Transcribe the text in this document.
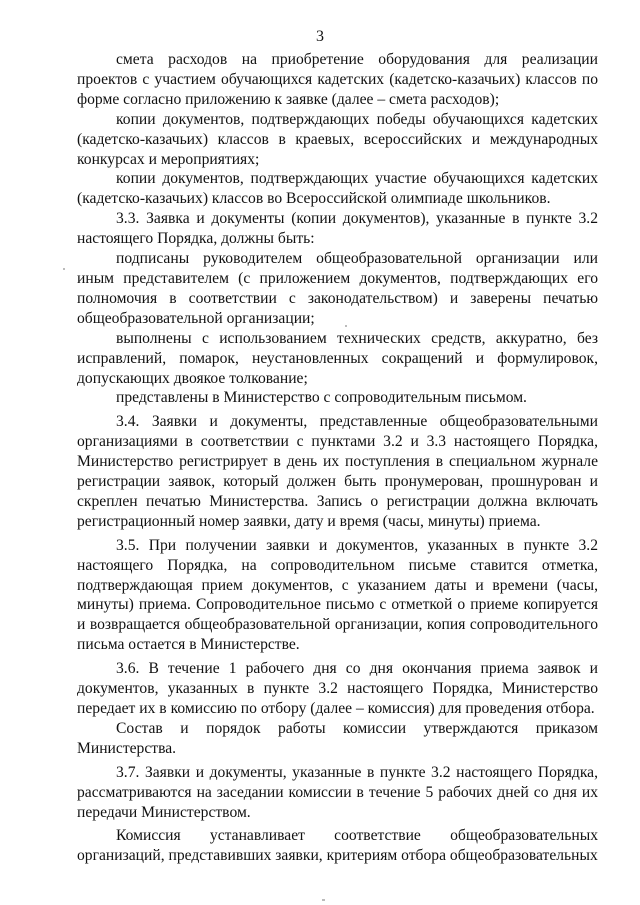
3

смета расходов на приобретение оборудования для реализации проектов с участием обучающихся кадетских (кадетско-казачьих) классов по форме согласно приложению к заявке (далее – смета расходов);

копии документов, подтверждающих победы обучающихся кадетских (кадетско-казачьих) классов в краевых, всероссийских и международных конкурсах и мероприятиях;

копии документов, подтверждающих участие обучающихся кадетских (кадетско-казачьих) классов во Всероссийской олимпиаде школьников.

3.3. Заявка и документы (копии документов), указанные в пункте 3.2 настоящего Порядка, должны быть:

подписаны руководителем общеобразовательной организации или иным представителем (с приложением документов, подтверждающих его полномочия в соответствии с законодательством) и заверены печатью общеобразовательной организации;

выполнены с использованием технических средств, аккуратно, без исправлений, помарок, неустановленных сокращений и формулировок, допускающих двоякое толкование;

представлены в Министерство с сопроводительным письмом.

3.4. Заявки и документы, представленные общеобразовательными организациями в соответствии с пунктами 3.2 и 3.3 настоящего Порядка, Министерство регистрирует в день их поступления в специальном журнале регистрации заявок, который должен быть пронумерован, прошнурован и скреплен печатью Министерства. Запись о регистрации должна включать регистрационный номер заявки, дату и время (часы, минуты) приема.

3.5. При получении заявки и документов, указанных в пункте 3.2 настоящего Порядка, на сопроводительном письме ставится отметка, подтверждающая прием документов, с указанием даты и времени (часы, минуты) приема. Сопроводительное письмо с отметкой о приеме копируется и возвращается общеобразовательной организации, копия сопроводительного письма остается в Министерстве.

3.6. В течение 1 рабочего дня со дня окончания приема заявок и документов, указанных в пункте 3.2 настоящего Порядка, Министерство передает их в комиссию по отбору (далее – комиссия) для проведения отбора.

Состав и порядок работы комиссии утверждаются приказом Министерства.

3.7. Заявки и документы, указанные в пункте 3.2 настоящего Порядка, рассматриваются на заседании комиссии в течение 5 рабочих дней со дня их передачи Министерством.

Комиссия устанавливает соответствие общеобразовательных организаций, представивших заявки, критериям отбора общеобразовательных
